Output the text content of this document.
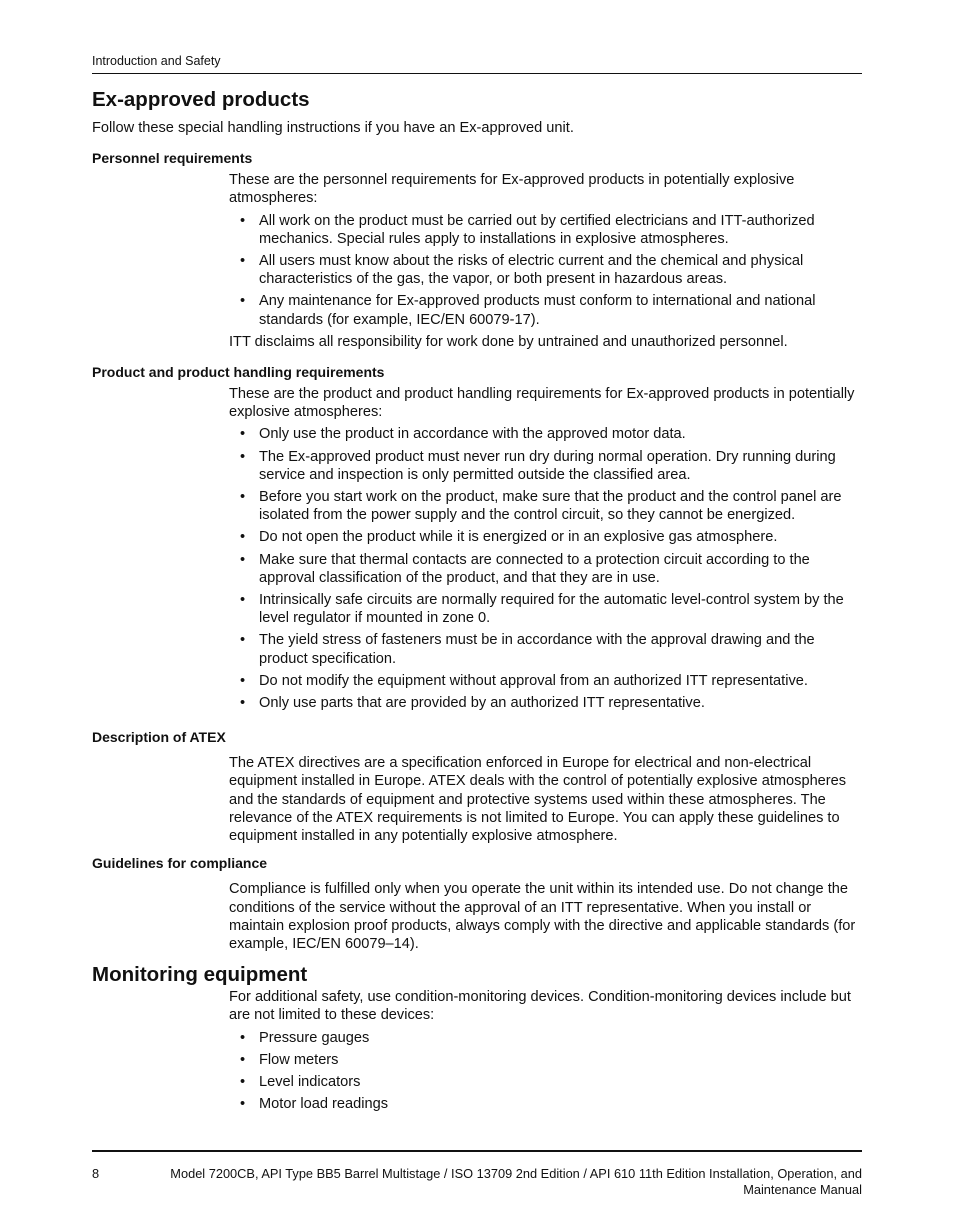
Introduction and Safety
Ex-approved products

Follow these special handling instructions if you have an Ex-approved unit.

Personnel requirements

These are the personnel requirements for Ex-approved products in potentially explosive atmospheres:

• All work on the product must be carried out by certified electricians and ITT-authorized mechanics. Special rules apply to installations in explosive atmospheres.
• All users must know about the risks of electric current and the chemical and physical characteristics of the gas, the vapor, or both present in hazardous areas.
• Any maintenance for Ex-approved products must conform to international and national standards (for example, IEC/EN 60079-17).

ITT disclaims all responsibility for work done by untrained and unauthorized personnel.

Product and product handling requirements

These are the product and product handling requirements for Ex-approved products in potentially explosive atmospheres:

• Only use the product in accordance with the approved motor data.
• The Ex-approved product must never run dry during normal operation. Dry running during service and inspection is only permitted outside the classified area.
• Before you start work on the product, make sure that the product and the control panel are isolated from the power supply and the control circuit, so they cannot be energized.
• Do not open the product while it is energized or in an explosive gas atmosphere.
• Make sure that thermal contacts are connected to a protection circuit according to the approval classification of the product, and that they are in use.
• Intrinsically safe circuits are normally required for the automatic level-control system by the level regulator if mounted in zone 0.
• The yield stress of fasteners must be in accordance with the approval drawing and the product specification.
• Do not modify the equipment without approval from an authorized ITT representative.
• Only use parts that are provided by an authorized ITT representative.
Description of ATEX

The ATEX directives are a specification enforced in Europe for electrical and non-electrical equipment installed in Europe. ATEX deals with the control of potentially explosive atmospheres and the standards of equipment and protective systems used within these atmospheres. The relevance of the ATEX requirements is not limited to Europe. You can apply these guidelines to equipment installed in any potentially explosive atmosphere.

Guidelines for compliance

Compliance is fulfilled only when you operate the unit within its intended use. Do not change the conditions of the service without the approval of an ITT representative. When you install or maintain explosion proof products, always comply with the directive and applicable standards (for example, IEC/EN 60079–14).

Monitoring equipment

For additional safety, use condition-monitoring devices. Condition-monitoring devices include but are not limited to these devices:

• Pressure gauges
• Flow meters
• Level indicators
• Motor load readings
8	Model 7200CB, API Type BB5 Barrel Multistage / ISO 13709 2nd Edition / API 610 11th Edition Installation, Operation, and Maintenance Manual
